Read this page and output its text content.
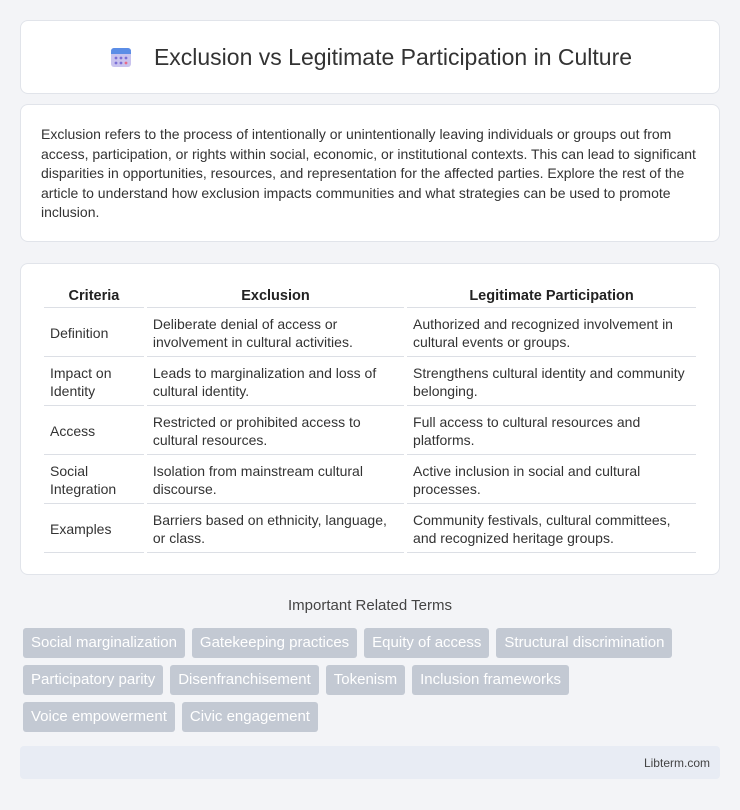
Exclusion vs Legitimate Participation in Culture

Exclusion refers to the process of intentionally or unintentionally leaving individuals or groups out from access, participation, or rights within social, economic, or institutional contexts. This can lead to significant disparities in opportunities, resources, and representation for the affected parties. Explore the rest of the article to understand how exclusion impacts communities and what strategies can be used to promote inclusion.

Criteria	Exclusion	Legitimate Participation
Definition	Deliberate denial of access or involvement in cultural activities.	Authorized and recognized involvement in cultural events or groups.
Impact on Identity	Leads to marginalization and loss of cultural identity.	Strengthens cultural identity and community belonging.
Access	Restricted or prohibited access to cultural resources.	Full access to cultural resources and platforms.
Social Integration	Isolation from mainstream cultural discourse.	Active inclusion in social and cultural processes.
Examples	Barriers based on ethnicity, language, or class.	Community festivals, cultural committees, and recognized heritage groups.
Important Related Terms
Social marginalization	Gatekeeping practices	Equity of access	Structural discrimination
Participatory parity	Disenfranchisement	Tokenism	Inclusion frameworks
Voice empowerment	Civic engagement
Libterm.com
